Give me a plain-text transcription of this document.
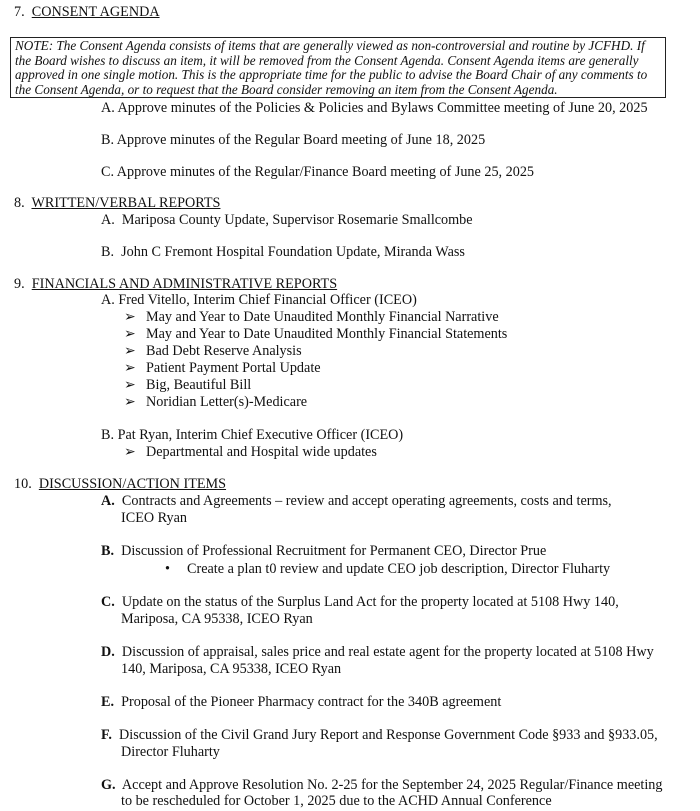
7. CONSENT AGENDA

NOTE: The Consent Agenda consists of items that are generally viewed as non-controversial and routine by JCFHD. If the Board wishes to discuss an item, it will be removed from the Consent Agenda. Consent Agenda items are generally approved in one single motion. This is the appropriate time for the public to advise the Board Chair of any comments to the Consent Agenda, or to request that the Board consider removing an item from the Consent Agenda.

A. Approve minutes of the Policies & Policies and Bylaws Committee meeting of June 20, 2025
B. Approve minutes of the Regular Board meeting of June 18, 2025
C. Approve minutes of the Regular/Finance Board meeting of June 25, 2025
8. WRITTEN/VERBAL REPORTS
A. Mariposa County Update, Supervisor Rosemarie Smallcombe
B. John C Fremont Hospital Foundation Update, Miranda Wass
9. FINANCIALS AND ADMINISTRATIVE REPORTS
A. Fred Vitello, Interim Chief Financial Officer (ICEO)
➢ May and Year to Date Unaudited Monthly Financial Narrative
➢ May and Year to Date Unaudited Monthly Financial Statements
➢ Bad Debt Reserve Analysis
➢ Patient Payment Portal Update
➢ Big, Beautiful Bill
➢ Noridian Letter(s)-Medicare
B. Pat Ryan, Interim Chief Executive Officer (ICEO)
➢ Departmental and Hospital wide updates
10. DISCUSSION/ACTION ITEMS
A. Contracts and Agreements – review and accept operating agreements, costs and terms,
ICEO Ryan
B. Discussion of Professional Recruitment for Permanent CEO, Director Prue
• Create a plan t0 review and update CEO job description, Director Fluharty
C. Update on the status of the Surplus Land Act for the property located at 5108 Hwy 140,
Mariposa, CA 95338, ICEO Ryan
D. Discussion of appraisal, sales price and real estate agent for the property located at 5108 Hwy
140, Mariposa, CA 95338, ICEO Ryan
E. Proposal of the Pioneer Pharmacy contract for the 340B agreement
F. Discussion of the Civil Grand Jury Report and Response Government Code §933 and §933.05,
Director Fluharty
G. Accept and Approve Resolution No. 2-25 for the September 24, 2025 Regular/Finance meeting
to be rescheduled for October 1, 2025 due to the ACHD Annual Conference
